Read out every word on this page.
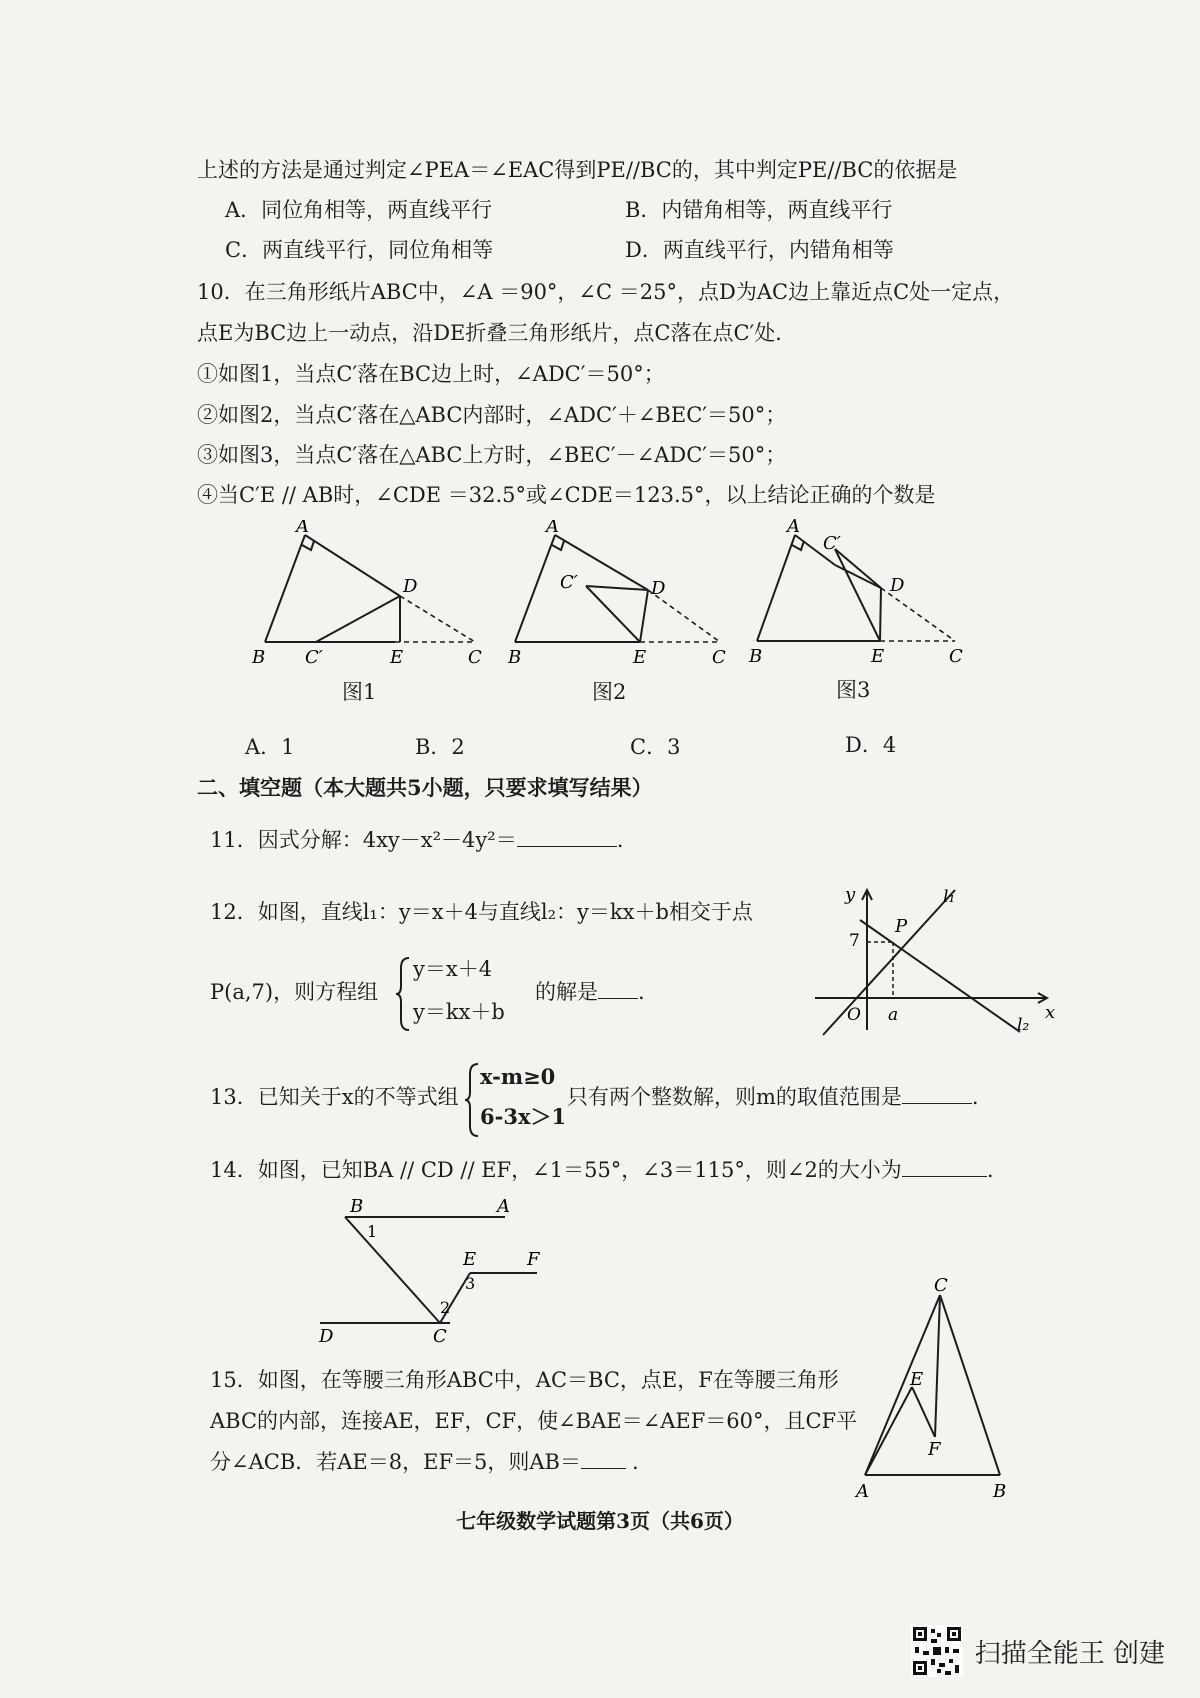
上述的方法是通过判定∠PEA＝∠EAC得到PE//BC的，其中判定PE//BC的依据是
A．同位角相等，两直线平行	B．内错角相等，两直线平行
C．两直线平行，同位角相等	D．两直线平行，内错角相等
10．在三角形纸片ABC中，∠A ＝90°，∠C ＝25°，点D为AC边上靠近点C处一定点，
点E为BC边上一动点，沿DE折叠三角形纸片，点C落在点C′处．
①如图1，当点C′落在BC边上时，∠ADC′＝50°；
②如图2，当点C′落在△ABC内部时，∠ADC′＋∠BEC′＝50°；
③如图3，当点C′落在△ABC上方时，∠BEC′－∠ADC′＝50°；
④当C′E // AB时，∠CDE ＝32.5°或∠CDE＝123.5°，以上结论正确的个数是
A
B C′	E	C
D
图1
A
B
C′
E	C
D
图2
A
C′
B	E	C
D
图3
A．1	B．2	C．3	D．4
二、填空题（本大题共5小题，只要求填写结果）
11．因式分解：4xy－x²－4y²＝	.
12．如图，直线l₁：y＝x＋4与直线l₂：y＝kx＋b相交于点
P(a,7)，则方程组
y＝x＋4
y＝kx＋b
的解是 .
y
x
O
7
a
P
l₁
l₂
13．已知关于x的不等式组
x-m≥0
6-3x＞1
只有两个整数解，则m的取值范围是	.
14．如图，已知BA // CD // EF，∠1＝55°，∠3＝115°，则∠2的大小为	.
B	A
1
E	F
3
2
D	C
15．如图，在等腰三角形ABC中，AC＝BC，点E，F在等腰三角形
ABC的内部，连接AE，EF，CF，使∠BAE＝∠AEF＝60°，且CF平
分∠ACB．若AE＝8，EF＝5，则AB＝ .
C
E
F
A	B
七年级数学试题第3页（共6页）
扫描全能王 创建
